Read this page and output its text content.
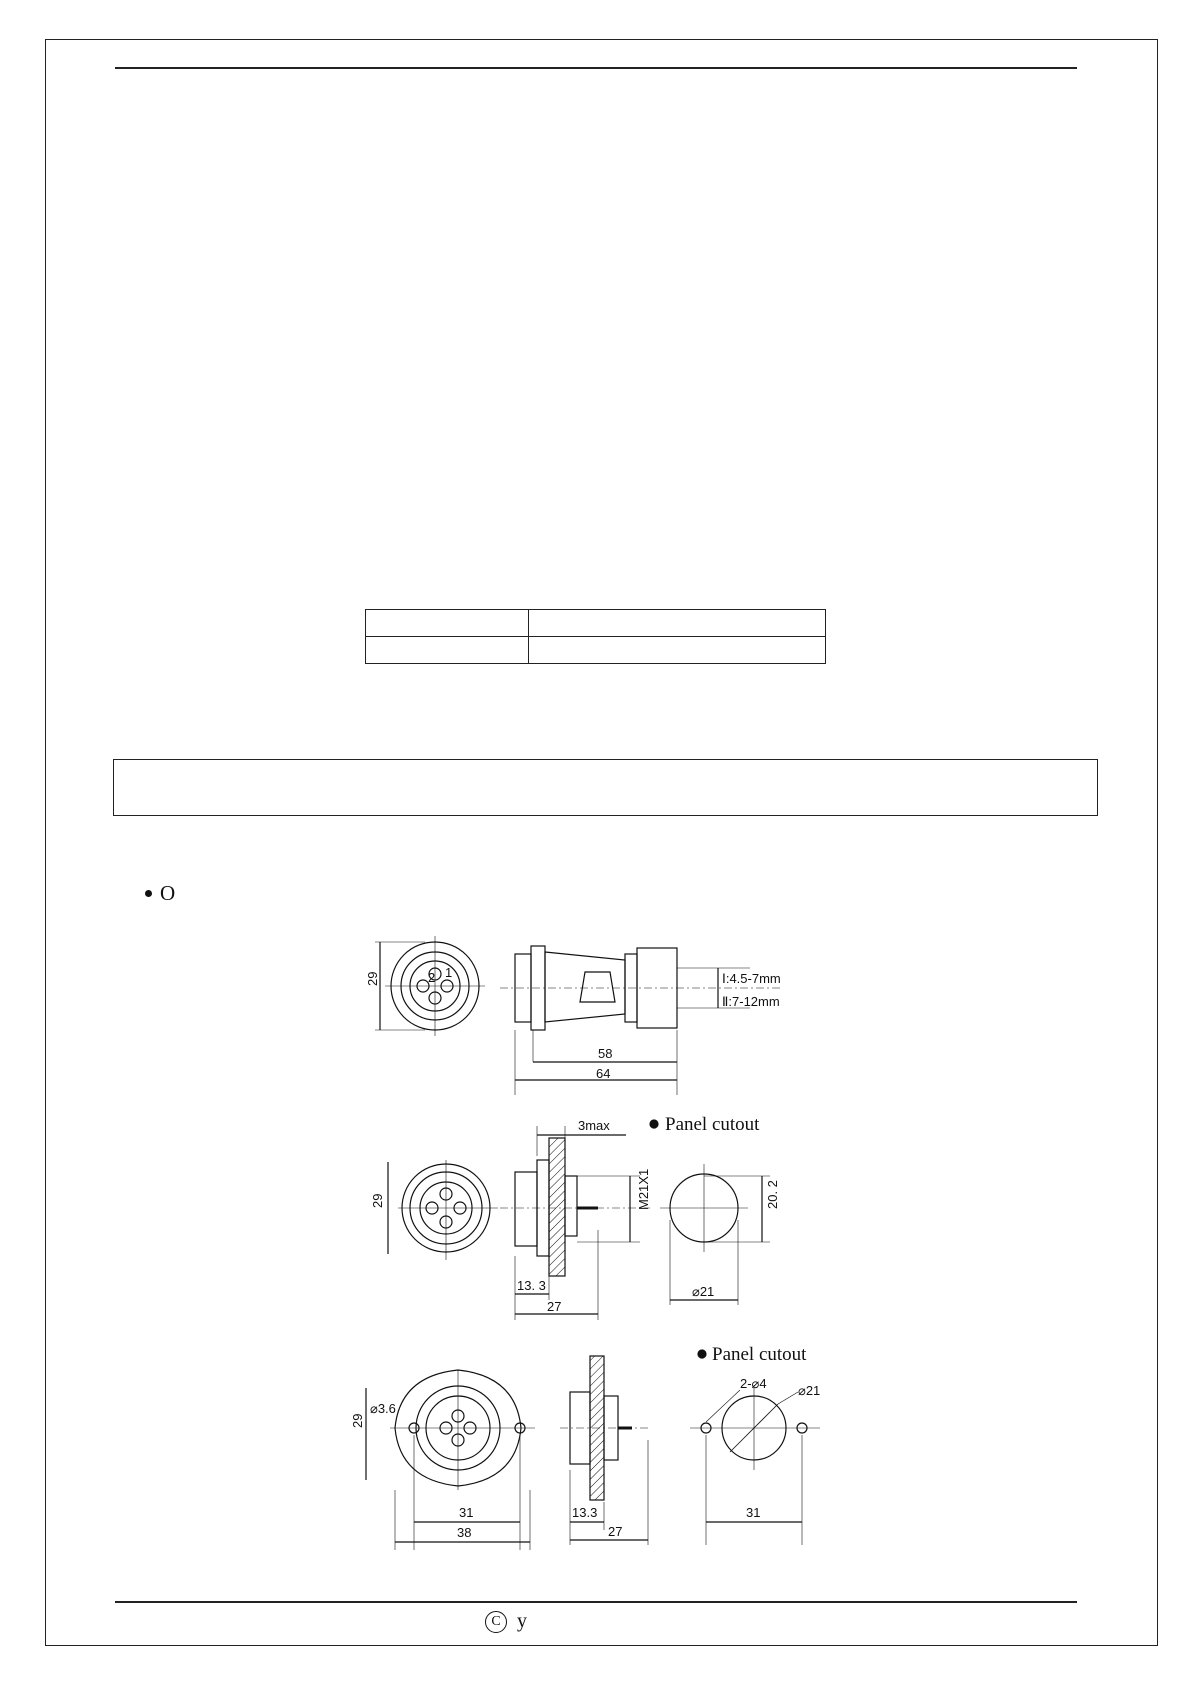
O
29	2 1	Ⅰ:4.5-7mm
Ⅱ:7-12mm
58
64
29
3max
M21X1
13. 3
27
Panel cutout
20. 2
⌀21
29
⌀3.6
31
38
13.3
27
Panel cutout
2-⌀4 ⌀21
31
C y
